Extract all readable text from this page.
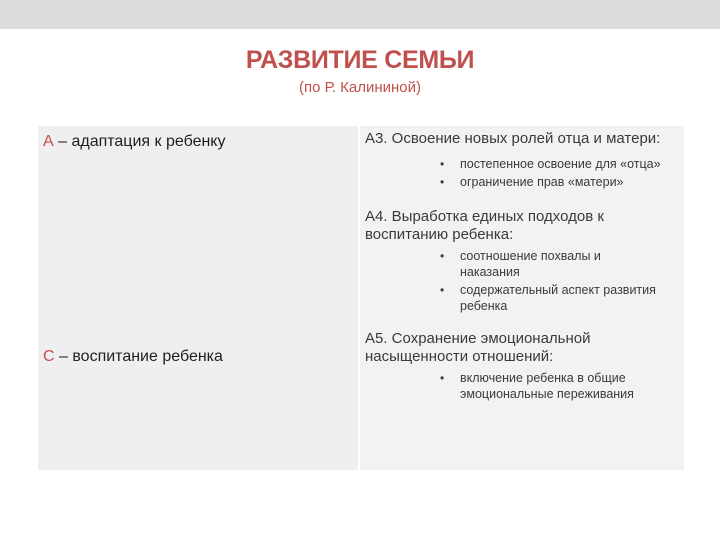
РАЗВИТИЕ СЕМЬИ
(по Р. Калининой)
А – адаптация к ребенку
С – воспитание ребенка
А3. Освоение новых ролей отца и матери:
• постепенное освоение для «отца»
• ограничение прав «матери»
А4. Выработка единых подходов к воспитанию ребенка:
• соотношение похвалы и наказания
• содержательный аспект развития ребенка
А5. Сохранение эмоциональной насыщенности отношений:
• включение ребенка в общие эмоциональные переживания
